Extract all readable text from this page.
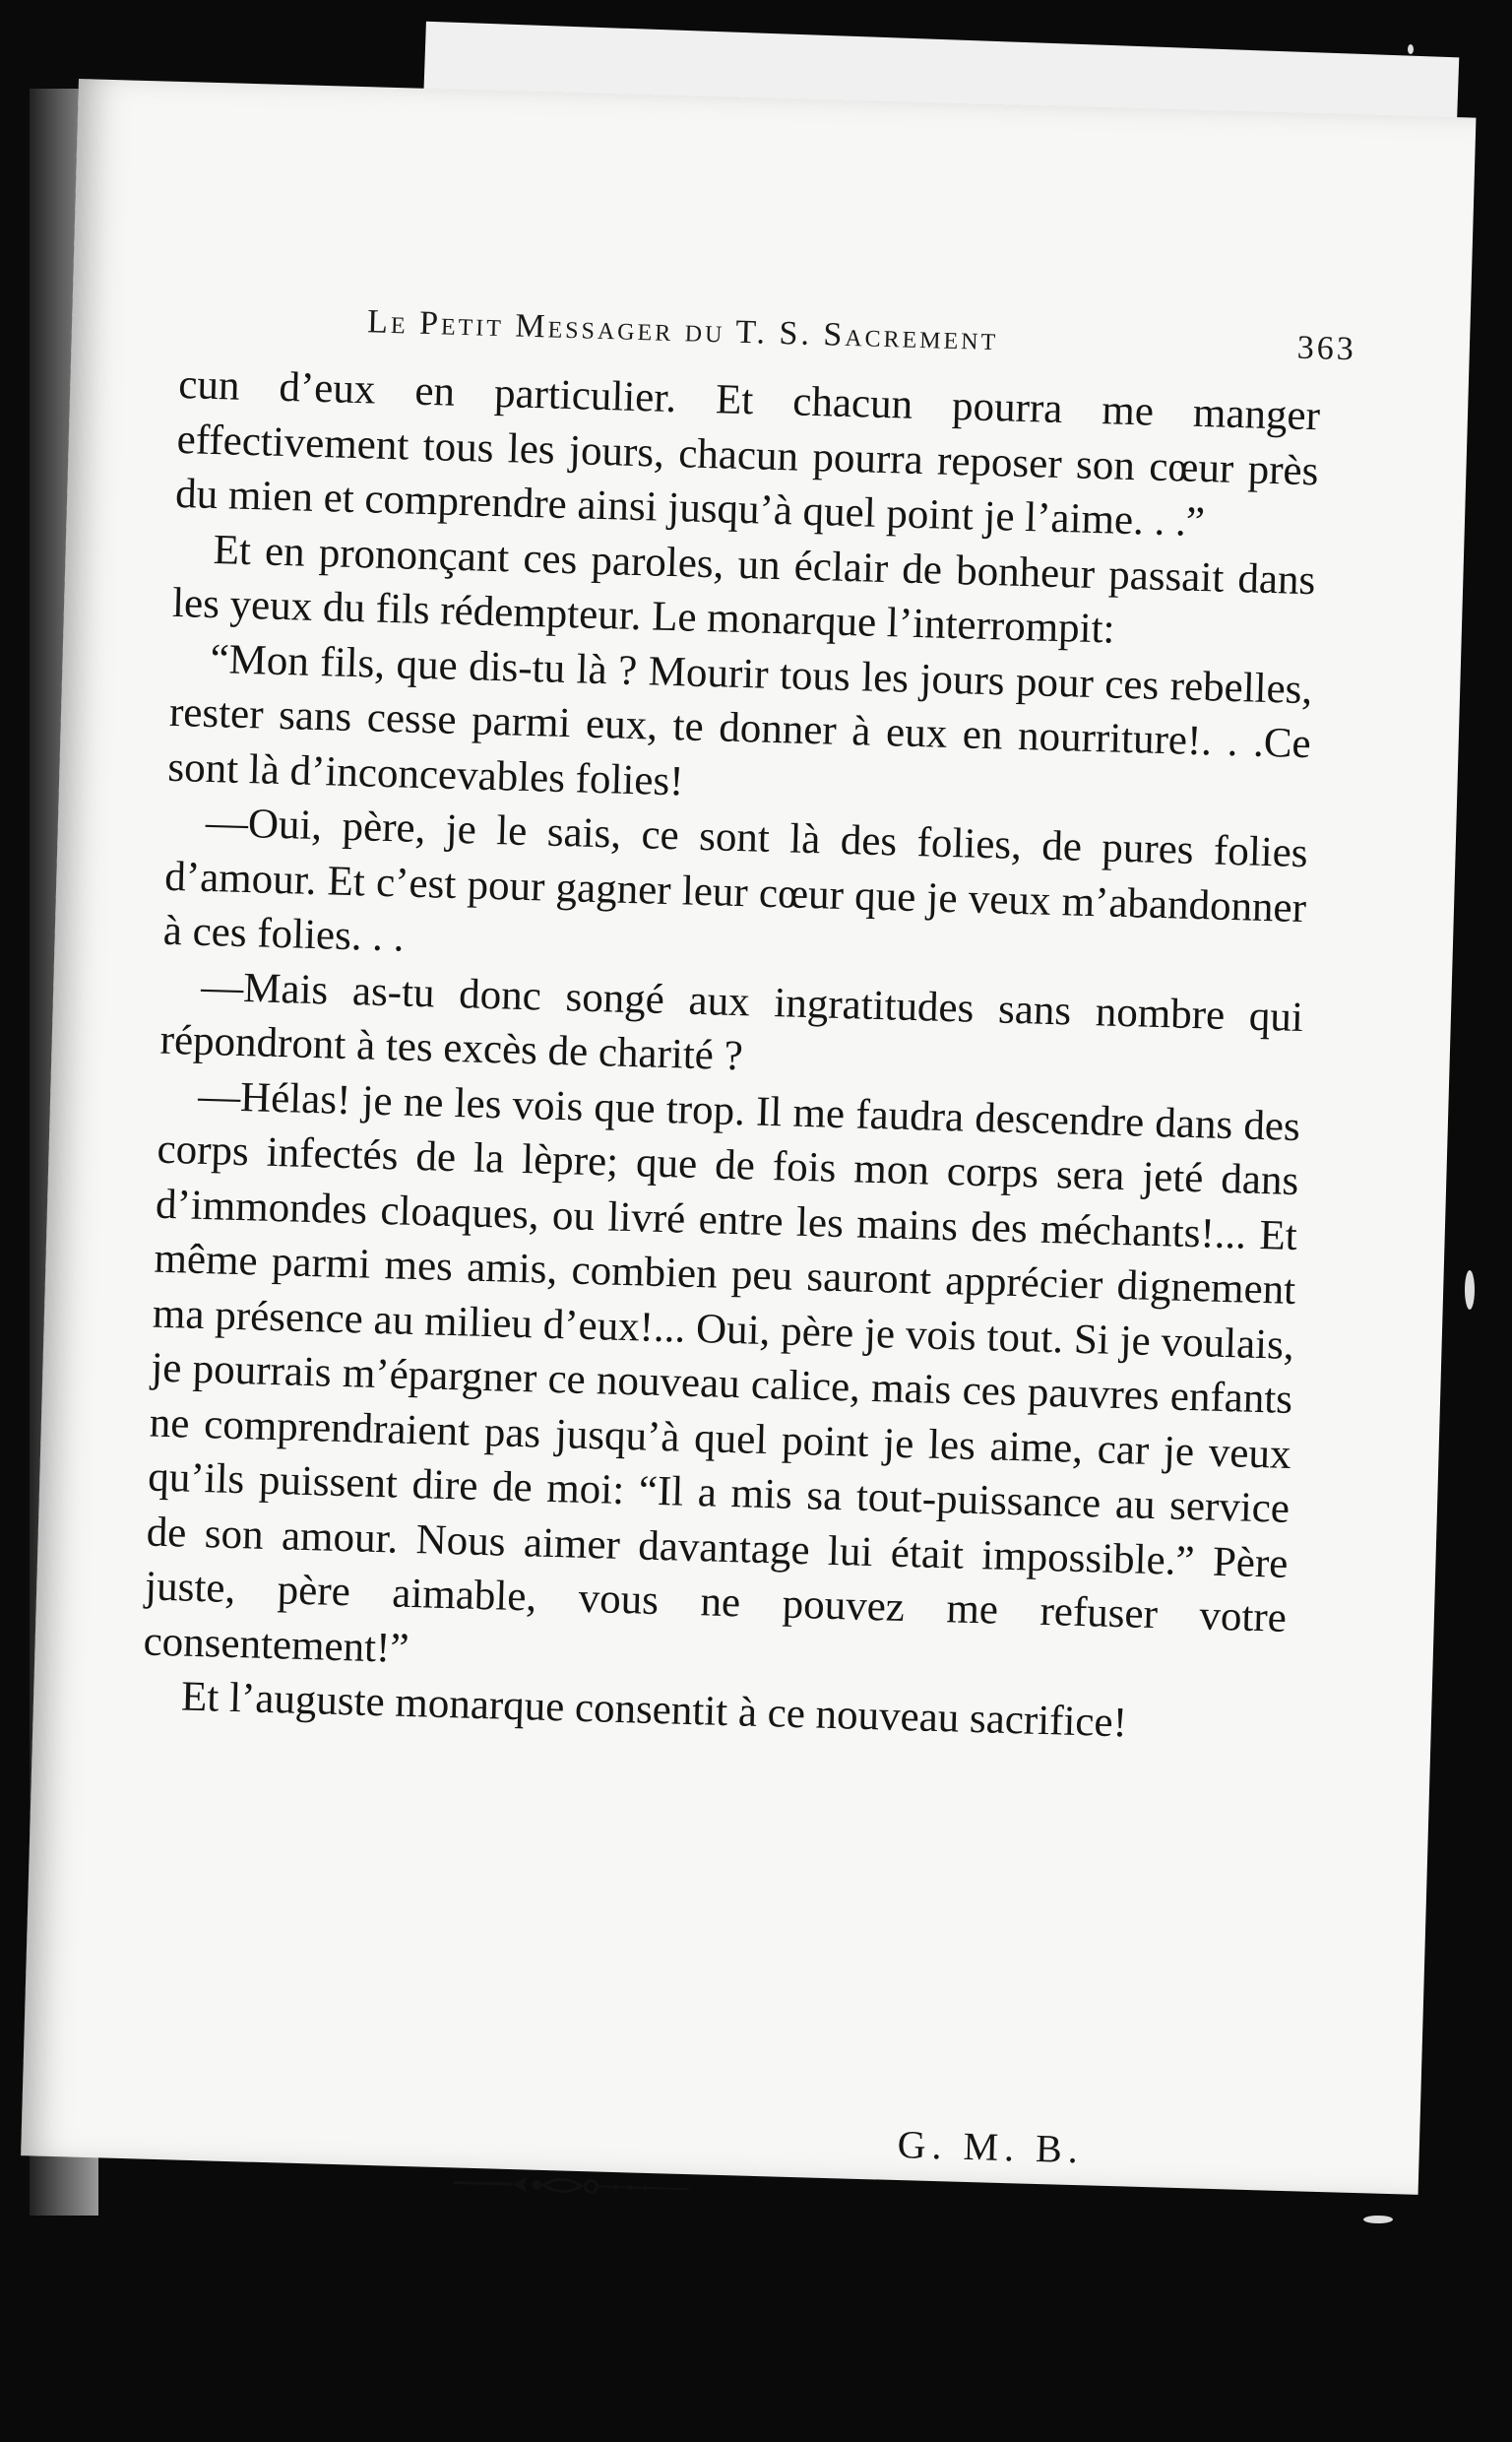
Le Petit Messager du T. S. Sacrement	363

cun d’eux en particulier. Et chacun pourra me manger effectivement tous les jours, chacun pourra reposer son cœur près du mien et comprendre ainsi jusqu’à quel point je l’aime. . .”

Et en prononçant ces paroles, un éclair de bonheur passait dans les yeux du fils rédempteur. Le monarque l’interrompit:

“Mon fils, que dis-tu là ? Mourir tous les jours pour ces rebelles, rester sans cesse parmi eux, te donner à eux en nourriture!. . .Ce sont là d’inconcevables folies!

—Oui, père, je le sais, ce sont là des folies, de pures folies d’amour. Et c’est pour gagner leur cœur que je veux m’abandonner à ces folies. . .

—Mais as-tu donc songé aux ingratitudes sans nombre qui répondront à tes excès de charité ?

—Hélas! je ne les vois que trop. Il me faudra descendre dans des corps infectés de la lèpre; que de fois mon corps sera jeté dans d’immondes cloaques, ou livré entre les mains des méchants!... Et même parmi mes amis, combien peu sauront apprécier dignement ma présence au milieu d’eux!... Oui, père je vois tout. Si je voulais, je pourrais m’épargner ce nouveau calice, mais ces pauvres enfants ne comprendraient pas jusqu’à quel point je les aime, car je veux qu’ils puissent dire de moi: “Il a mis sa tout-puissance au service de son amour. Nous aimer davantage lui était impossible.” Père juste, père aimable, vous ne pouvez me refuser votre consentement!”

Et l’auguste monarque consentit à ce nouveau sacrifice!

G. M. B.
